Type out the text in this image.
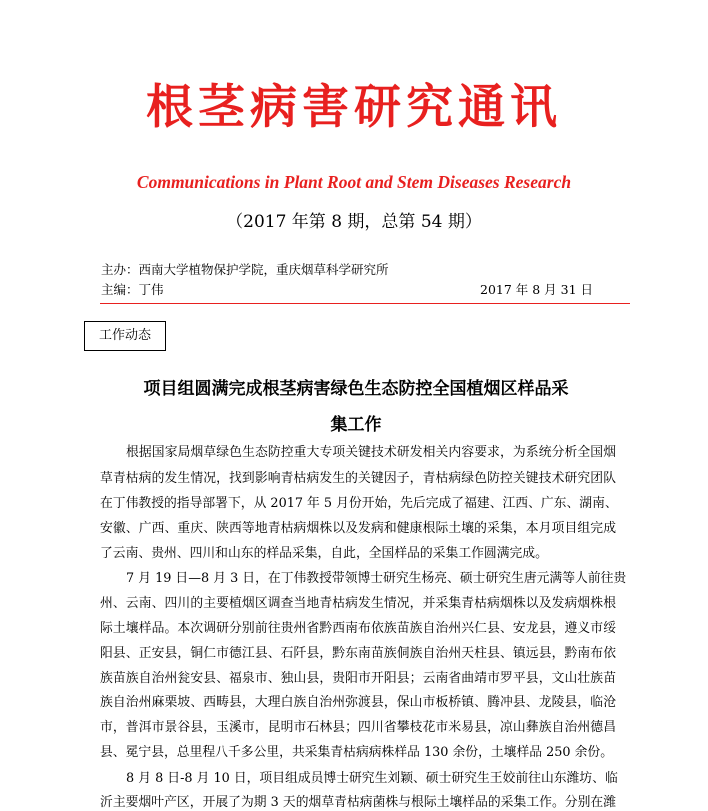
根茎病害研究通讯
Communications in Plant Root and Stem Diseases Research
（2017 年第 8 期，总第 54 期）
主办：西南大学植物保护学院，重庆烟草科学研究所
主编：丁伟	2017 年 8 月 31 日
工作动态
项目组圆满完成根茎病害绿色生态防控全国植烟区样品采
集工作
根据国家局烟草绿色生态防控重大专项关键技术研发相关内容要求，为系统分析全国烟
草青枯病的发生情况，找到影响青枯病发生的关键因子，青枯病绿色防控关键技术研究团队
在丁伟教授的指导部署下，从 2017 年 5 月份开始，先后完成了福建、江西、广东、湖南、
安徽、广西、重庆、陕西等地青枯病烟株以及发病和健康根际土壤的采集，本月项目组完成
了云南、贵州、四川和山东的样品采集，自此，全国样品的采集工作圆满完成。
7 月 19 日—8 月 3 日，在丁伟教授带领博士研究生杨亮、硕士研究生唐元满等人前往贵
州、云南、四川的主要植烟区调查当地青枯病发生情况，并采集青枯病烟株以及发病烟株根
际土壤样品。本次调研分别前往贵州省黔西南布依族苗族自治州兴仁县、安龙县，遵义市绥
阳县、正安县，铜仁市德江县、石阡县，黔东南苗族侗族自治州天柱县、镇远县，黔南布依
族苗族自治州瓮安县、福泉市、独山县，贵阳市开阳县；云南省曲靖市罗平县，文山壮族苗
族自治州麻栗坡、西畴县，大理白族自治州弥渡县，保山市板桥镇、腾冲县、龙陵县，临沧
市，普洱市景谷县，玉溪市，昆明市石林县；四川省攀枝花市米易县，凉山彝族自治州德昌
县、冕宁县，总里程八千多公里，共采集青枯病病株样品 130 余份，土壤样品 250 余份。
8 月 8 日-8 月 10 日，项目组成员博士研究生刘颖、硕士研究生王姣前往山东潍坊、临
沂主要烟叶产区，开展了为期 3 天的烟草青枯病菌株与根际土壤样品的采集工作。分别在潍
